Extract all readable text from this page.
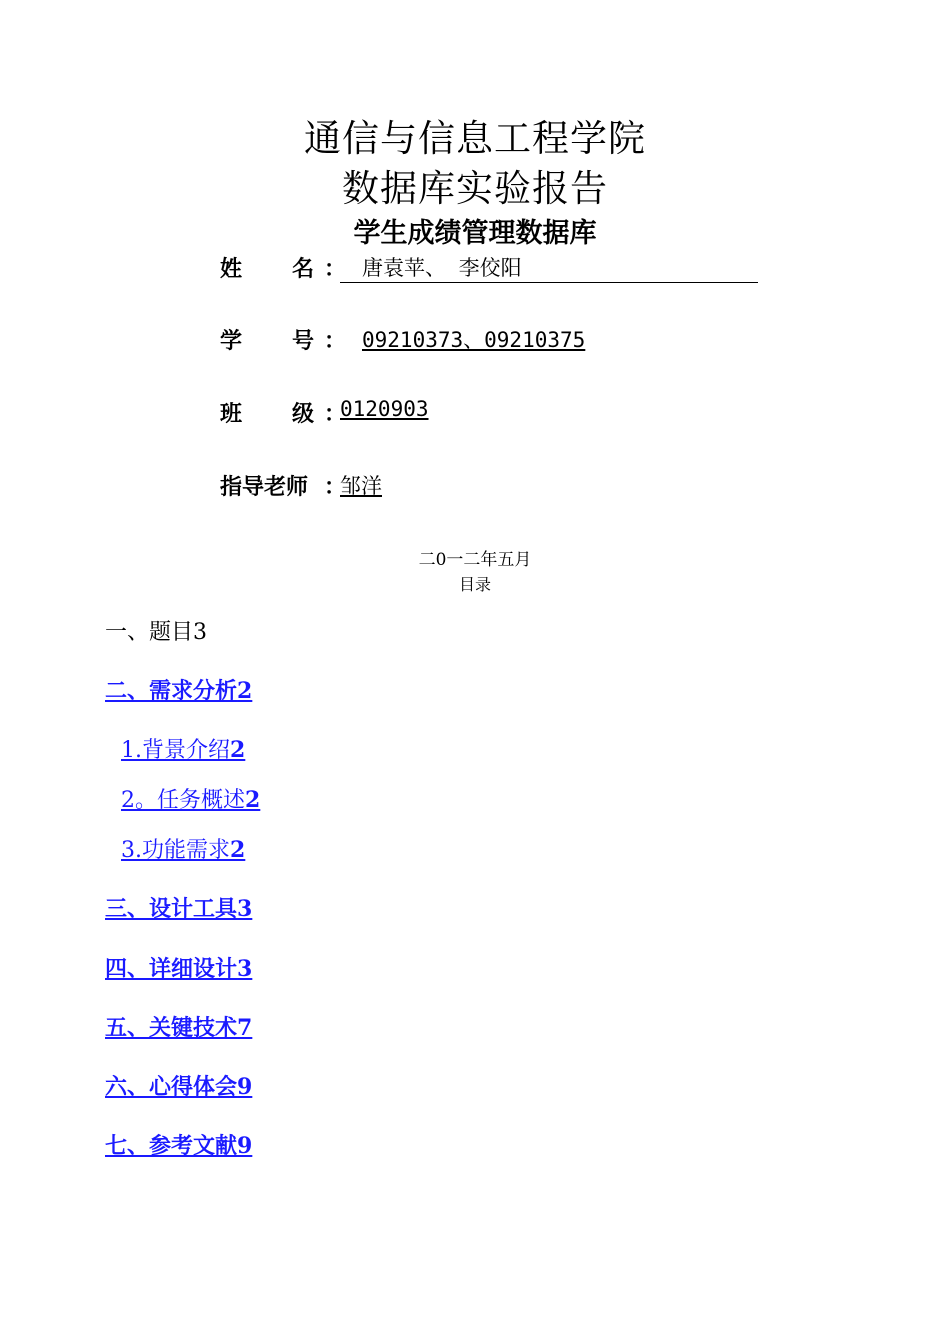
通信与信息工程学院
数据库实验报告
学生成绩管理数据库
姓 名 ： 唐袁苹、 李佼阳
学 号 ： 09210373、09210375
班 级 ：
0120903
指导老师 ：
邹洋
二0一二年五月
目录
一、题目3
二、需求分析2
1.背景介绍2
2。任务概述2
3.功能需求2
三、设计工具3
四、详细设计3
五、关键技术7
六、心得体会9
七、参考文献9
